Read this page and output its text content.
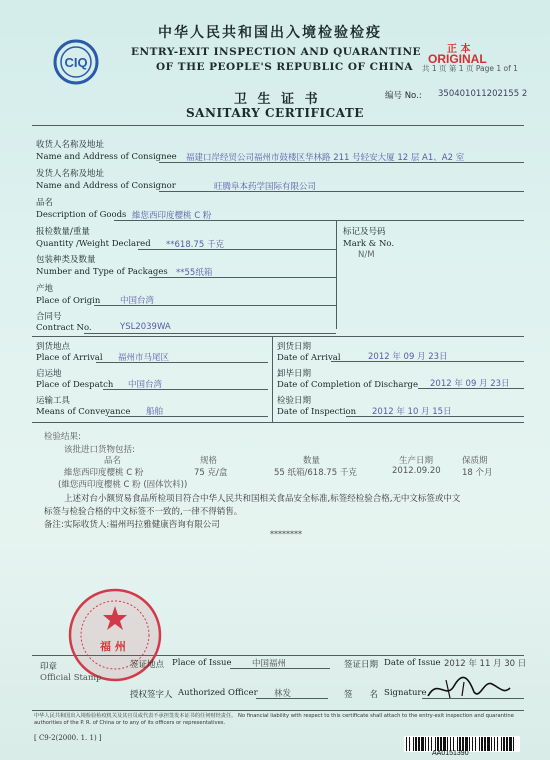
CIQ
中华人民共和国出入境检验检疫
ENTRY-EXIT INSPECTION AND QUARANTINE
OF THE PEOPLE'S REPUBLIC OF CHINA
正 本
ORIGINAL
共 1 页 第 1 页 Page 1 of 1
卫 生 证 书
SANITARY CERTIFICATE
编号 No.: 350401011202155 2
收货人名称及地址
Name and Address of Consignee 福建口岸经贸公司福州市鼓楼区华林路 211 号轻安大厦 12 层 A1、A2 室
发货人名称及地址
Name and Address of Consignor	旺腾阜本药学国际有限公司
品名
Description of Goods 維您西印度樱桃 C 粉
标记及号码
Mark & No.
N/M
报检数量/重量
Quantity /Weight Declared **618.75 千克
包装种类及数量
Number and Type of Packages **55纸箱
产地
Place of Origin 中国台湾
合同号
Contract No.	YSL2039WA
到货地点
Place of Arrival 福州市马尾区
到货日期
Date of Arrival	2012 年 09 月 23日
启运地
Place of Despatch 中国台湾
卸毕日期
Date of Completion of Discharge 2012 年 09 月 23日
运输工具
Means of Conveyance 船舶
检验日期
Date of Inspection 2012 年 10 月 15日
检验结果:
该批进口货物包括:
品名	规格	数量	生产日期	保质期
維您西印度樱桃 C 粉	75 克/盒	55 纸箱/618.75 千克	2012.09.20	18 个月
(維您西印度樱桃 C 粉 (固体饮料))
上述对台小额贸易食品所检项目符合中华人民共和国相关食品安全标准,标签经检验合格,无中文标签或中文
标签与检验合格的中文标签不一致的,一律不得销售。
备注:实际收货人:福州玛拉雅健康咨询有限公司
********
福 州
印章
Official Stamp
签证地点 Place of Issue 中国福州	签证日期 Date of Issue 2012 年 11 月 30 日
授权签字人 Authorized Officer 林发	签　　名 Signature
中华人民共和国出入境检验检疫机关及其官员或代表不承担签发本证书的任何财经责任。 No financial liability with respect to this certificate shall attach to the entry-exit inspection and quarantine authorities of the P. R. of China or to any of its officers or representatives.
[ C9-2(2000. 1. 1) ]
AA0151390
